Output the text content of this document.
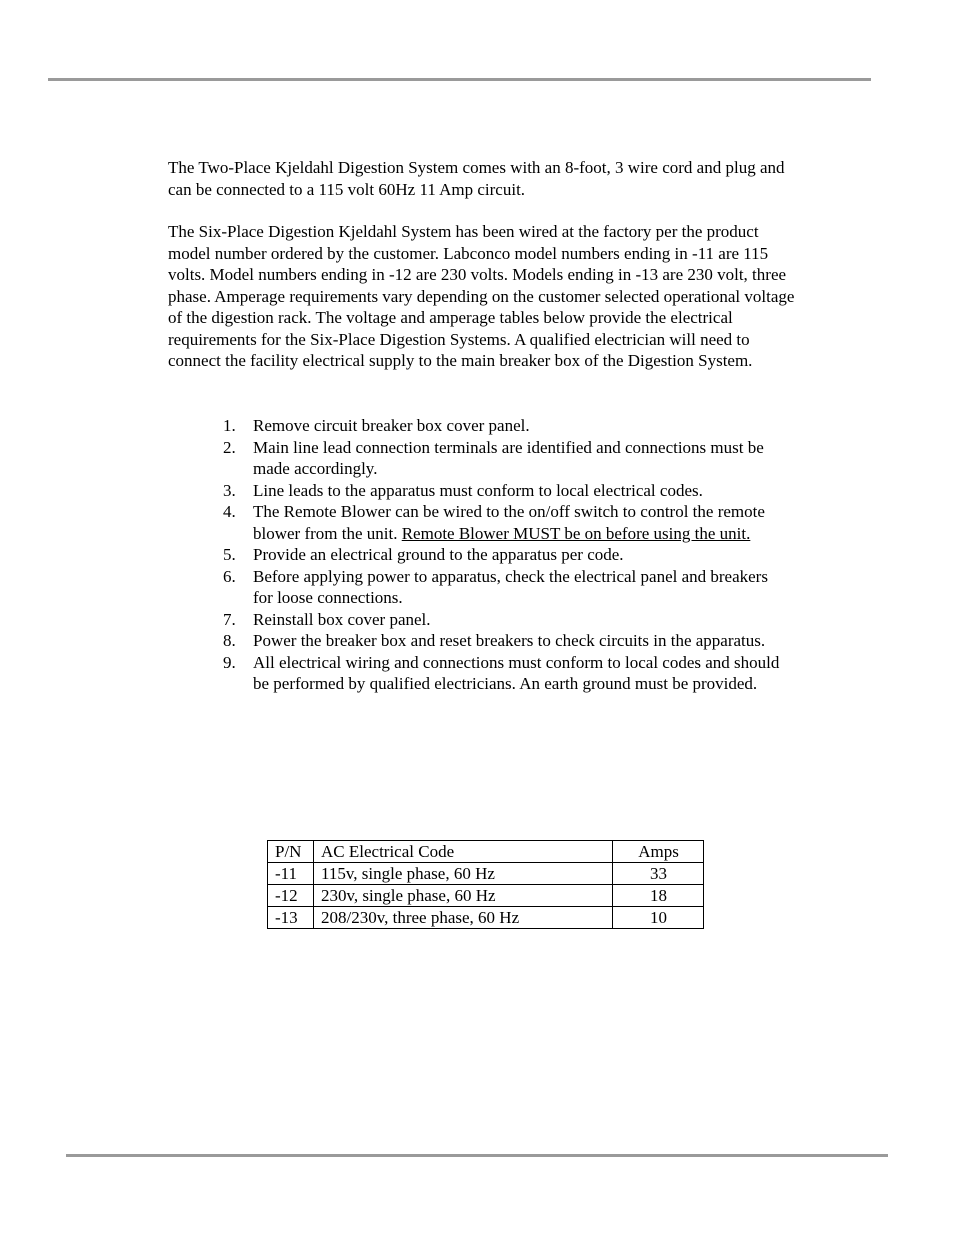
The Two-Place Kjeldahl Digestion System comes with an 8-foot, 3 wire cord and plug and can be connected to a 115 volt 60Hz 11 Amp circuit.

The Six-Place Digestion Kjeldahl System has been wired at the factory per the product model number ordered by the customer. Labconco model numbers ending in -11 are 115 volts. Model numbers ending in -12 are 230 volts. Models ending in -13 are 230 volt, three phase. Amperage requirements vary depending on the customer selected operational voltage of the digestion rack. The voltage and amperage tables below provide the electrical requirements for the Six-Place Digestion Systems. A qualified electrician will need to connect the facility electrical supply to the main breaker box of the Digestion System.

1. Remove circuit breaker box cover panel.
2. Main line lead connection terminals are identified and connections must be made accordingly.
3. Line leads to the apparatus must conform to local electrical codes.
4. The Remote Blower can be wired to the on/off switch to control the remote blower from the unit. Remote Blower MUST be on before using the unit.
5. Provide an electrical ground to the apparatus per code.
6. Before applying power to apparatus, check the electrical panel and breakers for loose connections.
7. Reinstall box cover panel.
8. Power the breaker box and reset breakers to check circuits in the apparatus.
9. All electrical wiring and connections must conform to local codes and should be performed by qualified electricians. An earth ground must be provided.
P/N	AC Electrical Code	Amps
-11	115v, single phase, 60 Hz	33
-12	230v, single phase, 60 Hz	18
-13	208/230v, three phase, 60 Hz	10
